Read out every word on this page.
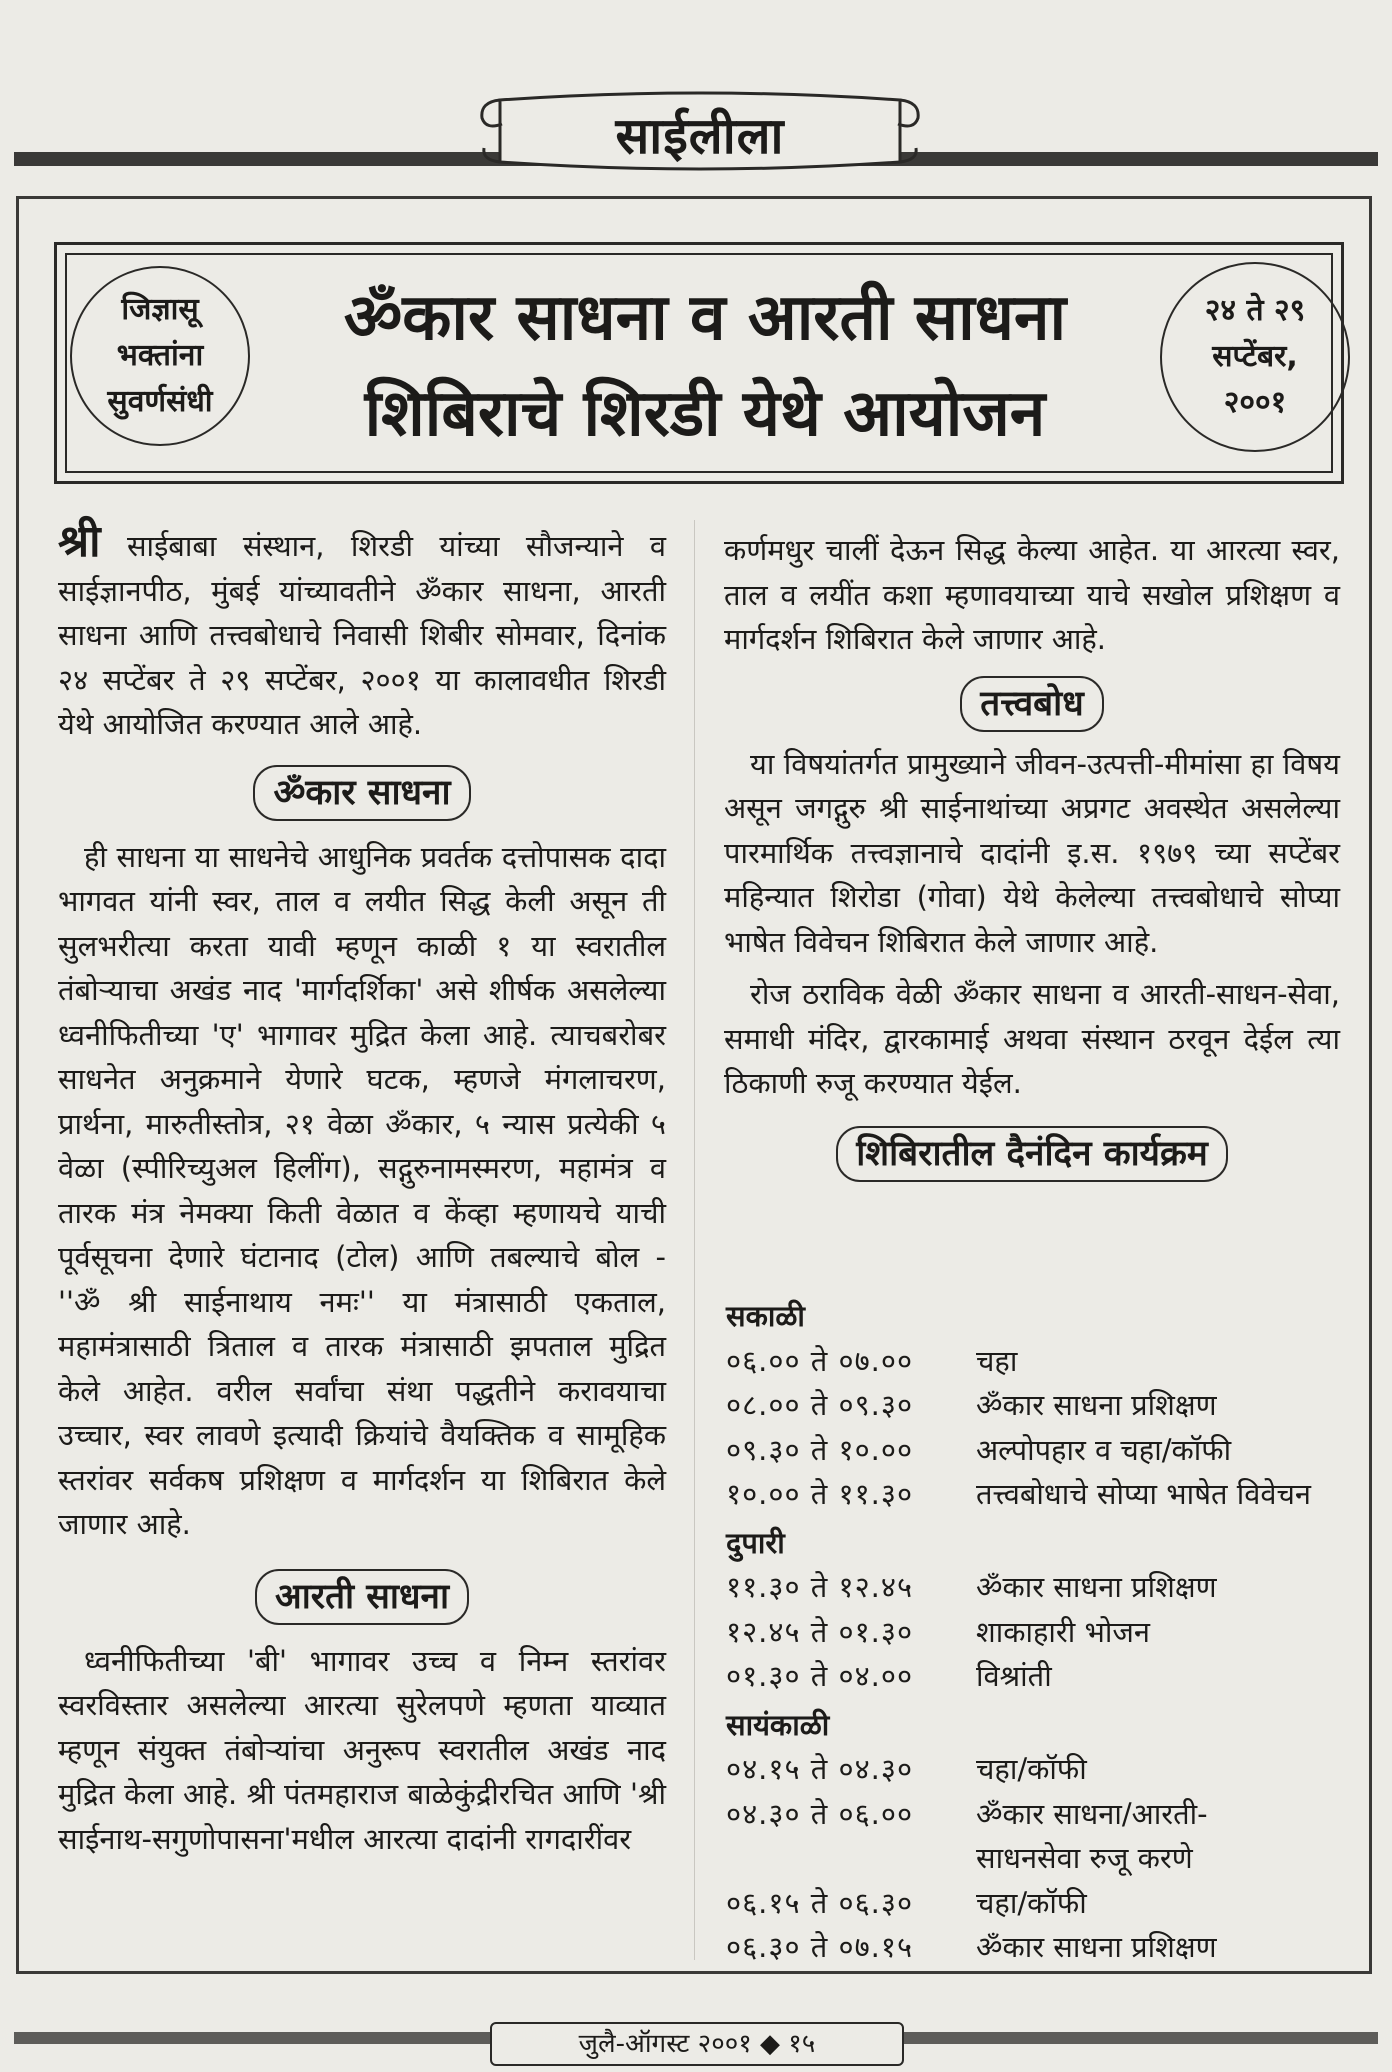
साईलीला
जिज्ञासू
भक्तांना
सुवर्णसंधी
ॐकार साधना व आरती साधना
शिबिराचे शिरडी येथे आयोजन
२४ ते २९
सप्टेंबर,
२००१

श्री साईबाबा संस्थान, शिरडी यांच्या सौजन्याने व साईज्ञानपीठ, मुंबई यांच्यावतीने ॐकार साधना, आरती साधना आणि तत्त्वबोधाचे निवासी शिबीर सोमवार, दिनांक २४ सप्टेंबर ते २९ सप्टेंबर, २००१ या कालावधीत शिरडी येथे आयोजित करण्यात आले आहे.

ॐकार साधना

ही साधना या साधनेचे आधुनिक प्रवर्तक दत्तोपासक दादा भागवत यांनी स्वर, ताल व लयीत सिद्ध केली असून ती सुलभरीत्या करता यावी म्हणून काळी १ या स्वरातील तंबोऱ्याचा अखंड नाद 'मार्गदर्शिका' असे शीर्षक असलेल्या ध्वनीफितीच्या 'ए' भागावर मुद्रित केला आहे. त्याचबरोबर साधनेत अनुक्रमाने येणारे घटक, म्हणजे मंगलाचरण, प्रार्थना, मारुतीस्तोत्र, २१ वेळा ॐकार, ५ न्यास प्रत्येकी ५ वेळा (स्पीरिच्युअल हिलींग), सद्गुरुनामस्मरण, महामंत्र व तारक मंत्र नेमक्या किती वेळात व केंव्हा म्हणायचे याची पूर्वसूचना देणारे घंटानाद (टोल) आणि तबल्याचे बोल - ''ॐ श्री साईनाथाय नमः'' या मंत्रासाठी एकताल, महामंत्रासाठी त्रिताल व तारक मंत्रासाठी झपताल मुद्रित केले आहेत. वरील सर्वांचा संथा पद्धतीने करावयाचा उच्चार, स्वर लावणे इत्यादी क्रियांचे वैयक्तिक व सामूहिक स्तरांवर सर्वकष प्रशिक्षण व मार्गदर्शन या शिबिरात केले जाणार आहे.

आरती साधना

ध्वनीफितीच्या 'बी' भागावर उच्च व निम्न स्तरांवर स्वरविस्तार असलेल्या आरत्या सुरेलपणे म्हणता याव्यात म्हणून संयुक्त तंबोऱ्यांचा अनुरूप स्वरातील अखंड नाद मुद्रित केला आहे. श्री पंतमहाराज बाळेकुंद्रीरचित आणि 'श्री साईनाथ-सगुणोपासना'मधील आरत्या दादांनी रागदारींवर

कर्णमधुर चालीं देऊन सिद्ध केल्या आहेत. या आरत्या स्वर, ताल व लयींत कशा म्हणावयाच्या याचे सखोल प्रशिक्षण व मार्गदर्शन शिबिरात केले जाणार आहे.

तत्त्वबोध

या विषयांतर्गत प्रामुख्याने जीवन-उत्पत्ती-मीमांसा हा विषय असून जगद्गुरु श्री साईनाथांच्या अप्रगट अवस्थेत असलेल्या पारमार्थिक तत्त्वज्ञानाचे दादांनी इ.स. १९७९ च्या सप्टेंबर महिन्यात शिरोडा (गोवा) येथे केलेल्या तत्त्वबोधाचे सोप्या भाषेत विवेचन शिबिरात केले जाणार आहे.

रोज ठराविक वेळी ॐकार साधना व आरती-साधन-सेवा, समाधी मंदिर, द्वारकामाई अथवा संस्थान ठरवून देईल त्या ठिकाणी रुजू करण्यात येईल.

शिबिरातील दैनंदिन कार्यक्रम

सकाळी
०६.०० ते ०७.००	चहा
०८.०० ते ०९.३०	ॐकार साधना प्रशिक्षण
०९.३० ते १०.००	अल्पोपहार व चहा/कॉफी
१०.०० ते ११.३०	तत्त्वबोधाचे सोप्या भाषेत विवेचन
दुपारी
११.३० ते १२.४५	ॐकार साधना प्रशिक्षण
१२.४५ ते ०१.३०	शाकाहारी भोजन
०१.३० ते ०४.००	विश्रांती
सायंकाळी
०४.१५ ते ०४.३०	चहा/कॉफी
०४.३० ते ०६.००	ॐकार साधना/आरती-
साधनसेवा रुजू करणे
०६.१५ ते ०६.३०	चहा/कॉफी
०६.३० ते ०७.१५	ॐकार साधना प्रशिक्षण
जुलै-ऑगस्ट २००१ ◆ १५
